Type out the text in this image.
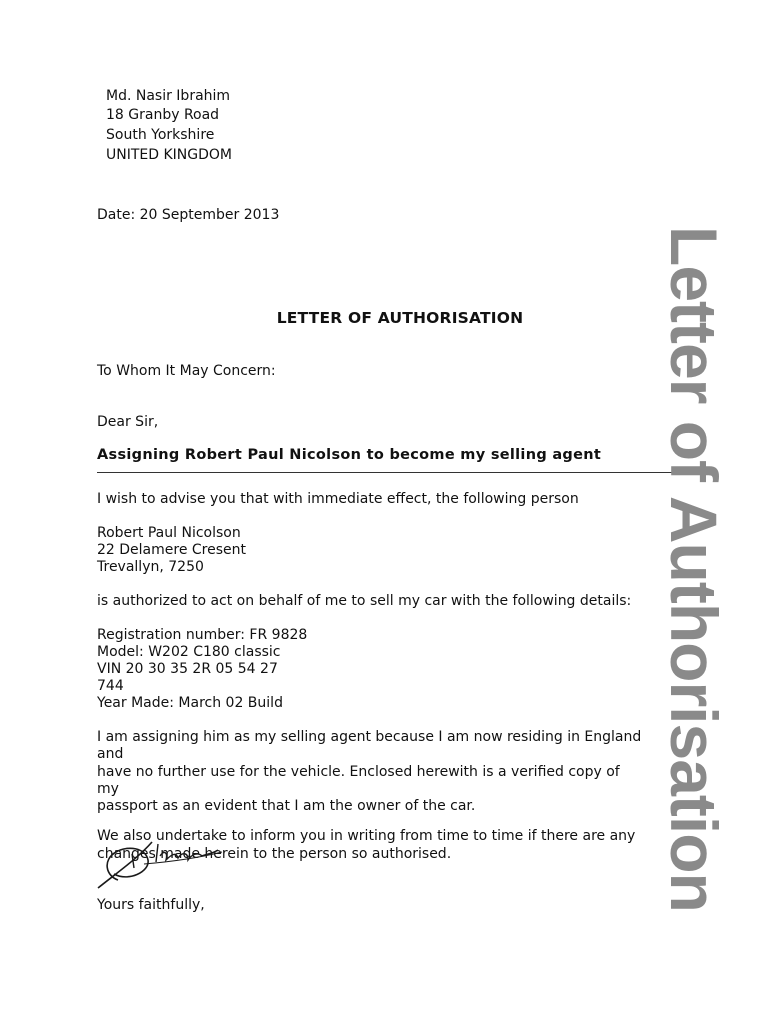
Md. Nasir Ibrahim
18 Granby Road
South Yorkshire
UNITED KINGDOM
Date: 20 September 2013
LETTER OF AUTHORISATION
To Whom It May Concern:
Dear Sir,
Assigning Robert Paul Nicolson to become my selling agent
I wish to advise you that with immediate effect, the following person
Robert Paul Nicolson
22 Delamere Cresent
Trevallyn, 7250
is authorized to act on behalf of me to sell my car with the following details:
Registration number: FR 9828
Model: W202 C180 classic
VIN 20 30 35 2R 05 54 27
744
Year Made: March 02 Build
I am assigning him as my selling agent because I am now residing in England
and
have no further use for the vehicle. Enclosed herewith is a verified copy of
my
passport as an evident that I am the owner of the car.
We also undertake to inform you in writing from time to time if there are any
changes made herein to the person so authorised.
Yours faithfully,	Letter of Authorisation
